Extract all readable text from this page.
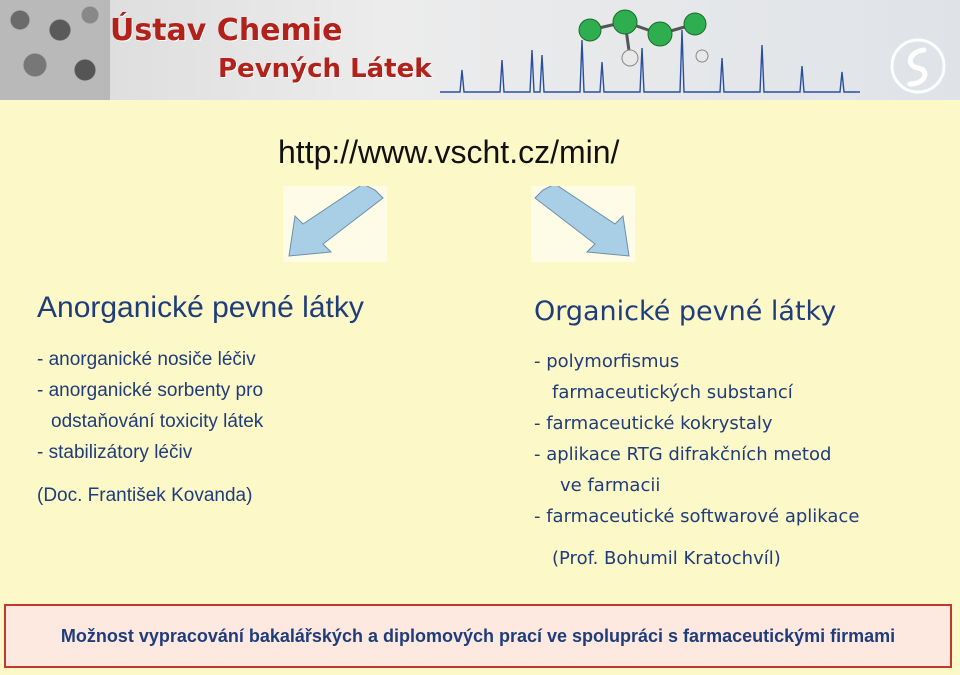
Ústav Chemie
Pevných Látek
http://www.vscht.cz/min/
Anorganické pevné látky
- anorganické nosiče léčiv
- anorganické sorbenty pro
odstaňování toxicity látek
- stabilizátory léčiv
(Doc. František Kovanda)
Organické pevné látky
- polymorfismus
farmaceutických substancí
- farmaceutické kokrystaly
- aplikace RTG difrakčních metod
ve farmacii
- farmaceutické softwarové aplikace
(Prof. Bohumil Kratochvíl)
Možnost vypracování bakalářských a diplomových prací ve spolupráci s farmaceutickými firmami
